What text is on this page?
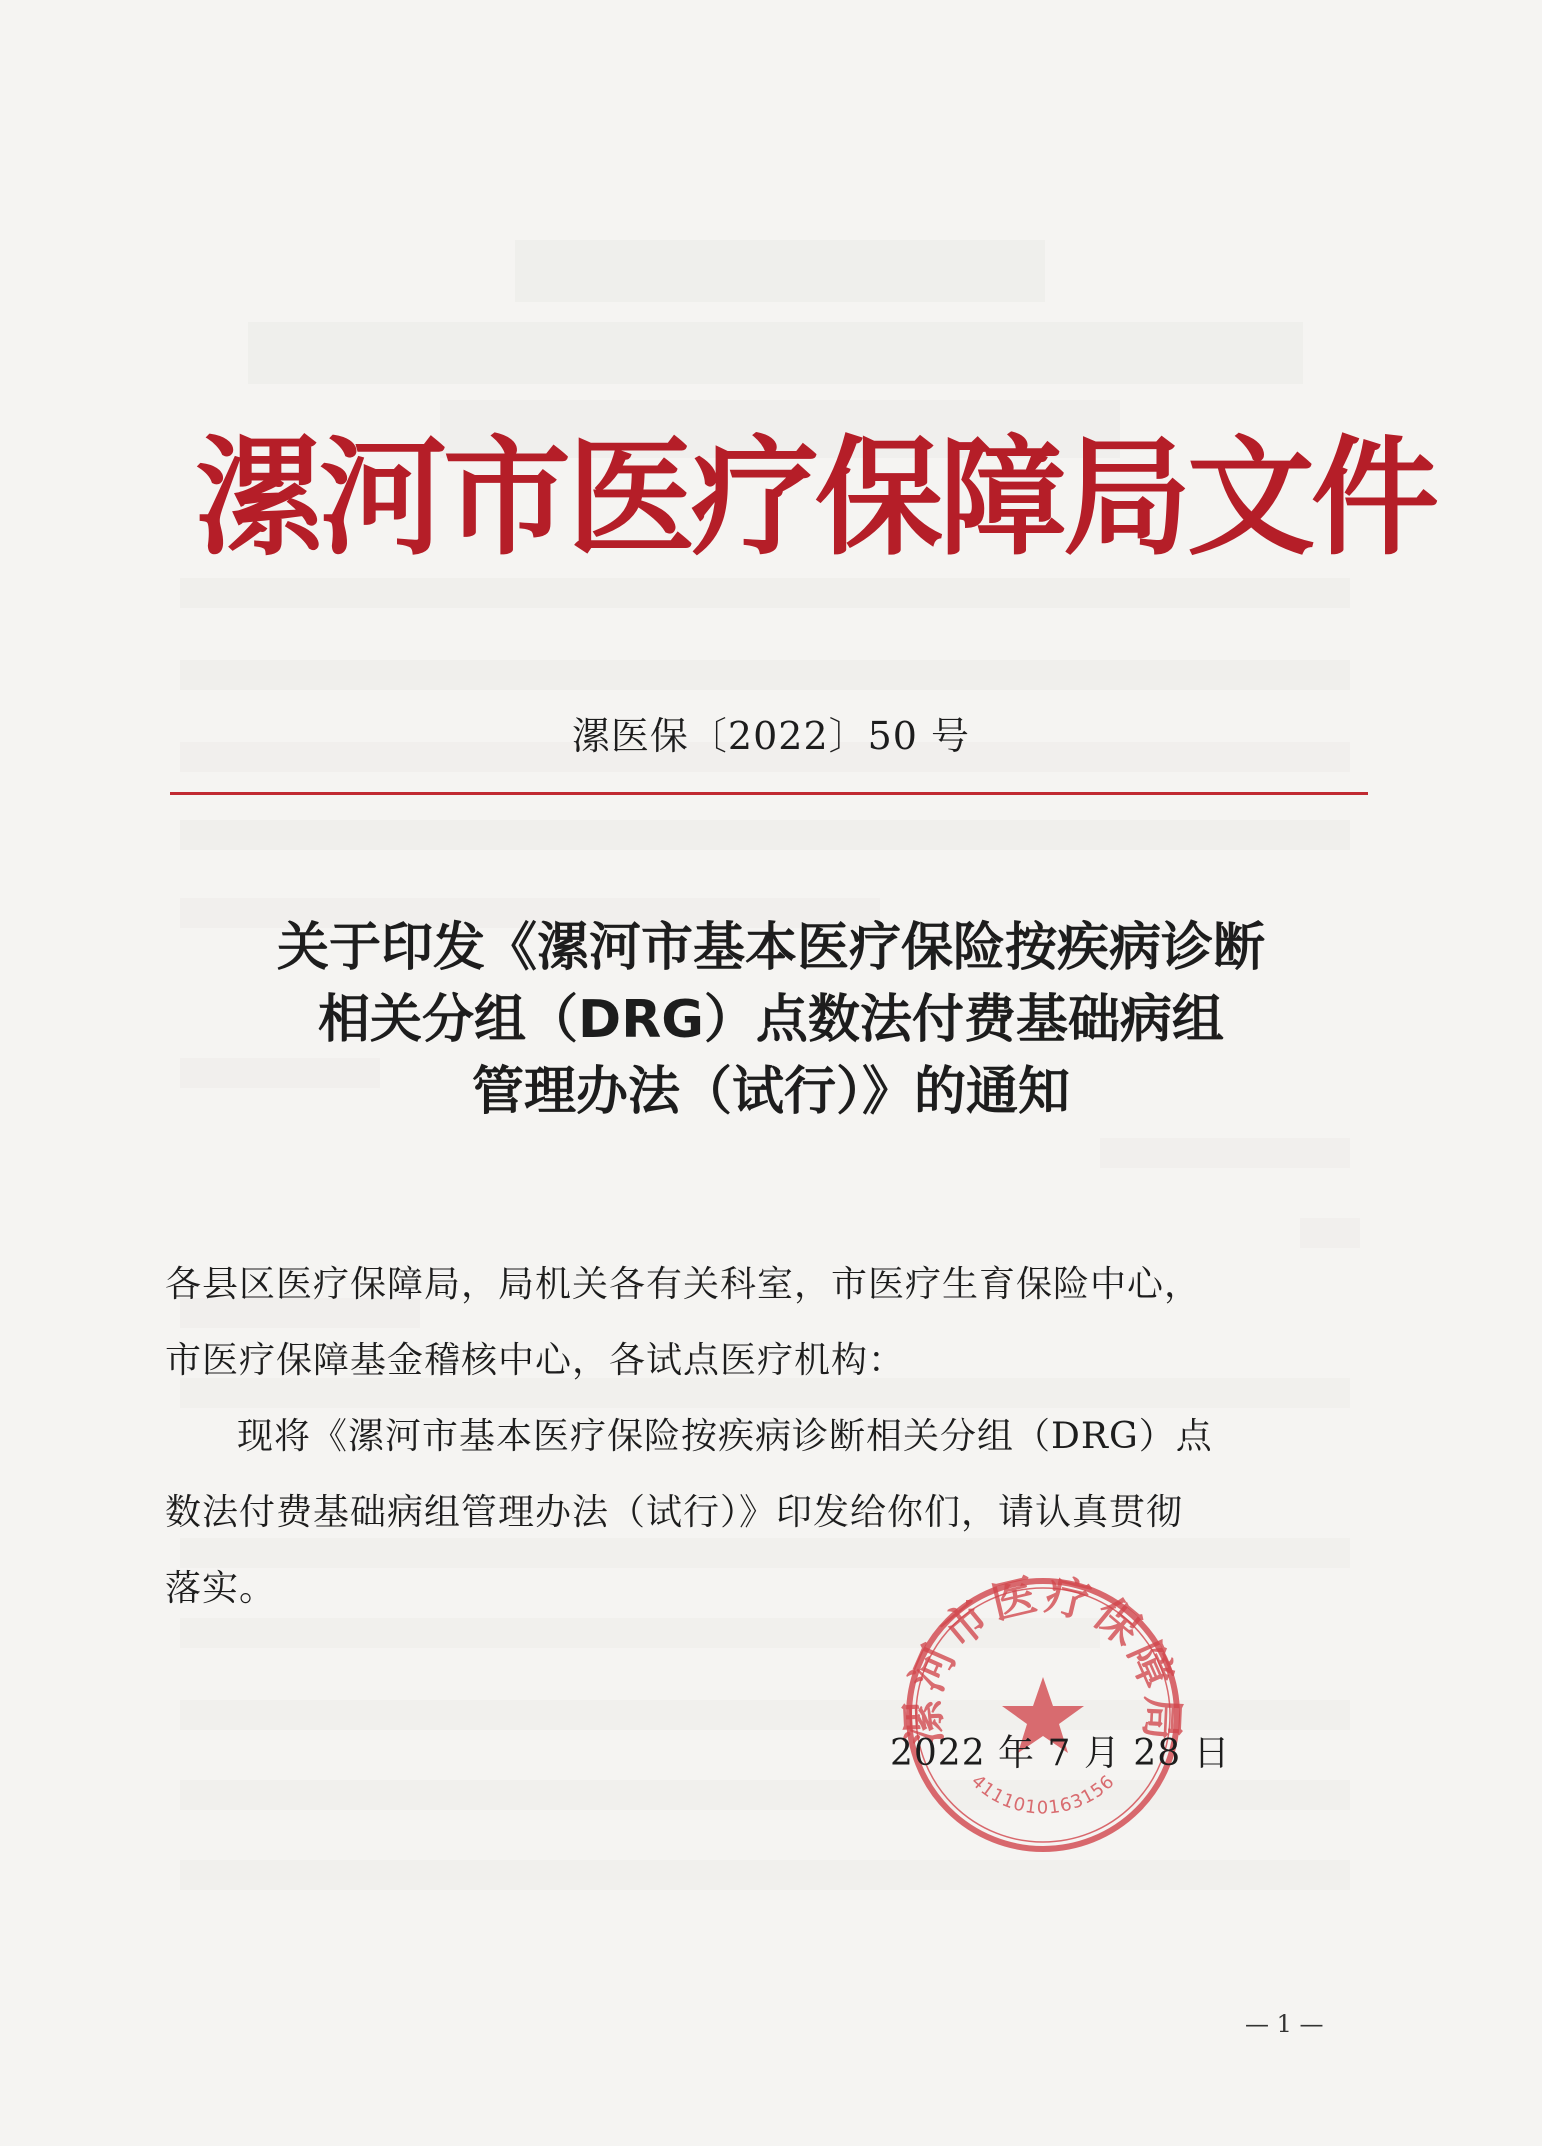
漯河市医疗保障局文件
漯医保〔2022〕50 号
关于印发《漯河市基本医疗保险按疾病诊断
相关分组（DRG）点数法付费基础病组
管理办法（试行）》的通知

各县区医疗保障局，局机关各有关科室，市医疗生育保险中心，

市医疗保障基金稽核中心，各试点医疗机构：

现将《漯河市基本医疗保险按疾病诊断相关分组（DRG）点

数法付费基础病组管理办法（试行）》印发给你们，请认真贯彻

落实。

漯河市医疗保障局
4111010163156
2022 年 7 月 28 日
— 1 —
